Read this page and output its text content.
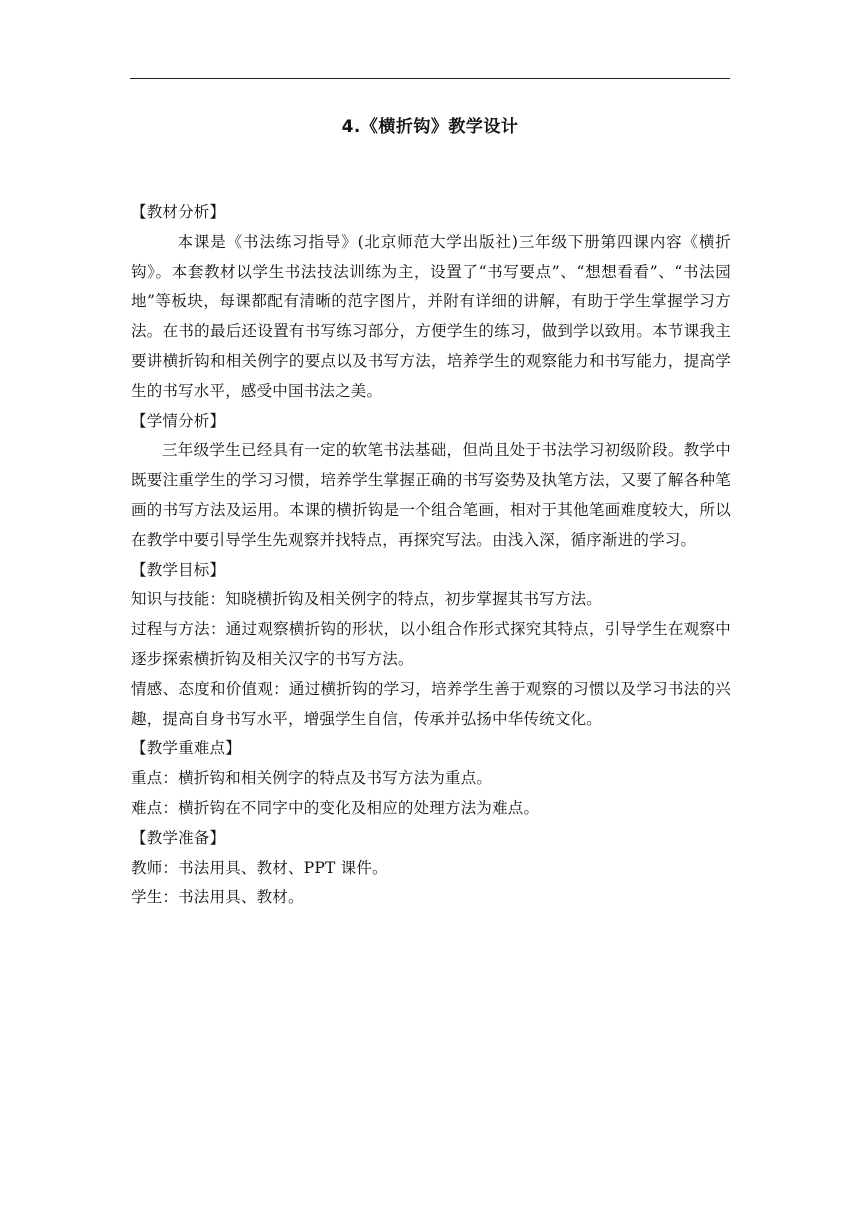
4.《横折钩》教学设计

【教材分析】

本课是《书法练习指导》(北京师范大学出版社)三年级下册第四课内容《横折钩》。本套教材以学生书法技法训练为主，设置了“书写要点”、“想想看看”、“书法园地”等板块，每课都配有清晰的范字图片，并附有详细的讲解，有助于学生掌握学习方法。在书的最后还设置有书写练习部分，方便学生的练习，做到学以致用。本节课我主要讲横折钩和相关例字的要点以及书写方法，培养学生的观察能力和书写能力，提高学生的书写水平，感受中国书法之美。

【学情分析】

三年级学生已经具有一定的软笔书法基础，但尚且处于书法学习初级阶段。教学中既要注重学生的学习习惯，培养学生掌握正确的书写姿势及执笔方法，又要了解各种笔画的书写方法及运用。本课的横折钩是一个组合笔画，相对于其他笔画难度较大，所以在教学中要引导学生先观察并找特点，再探究写法。由浅入深，循序渐进的学习。

【教学目标】

知识与技能：知晓横折钩及相关例字的特点，初步掌握其书写方法。

过程与方法：通过观察横折钩的形状，以小组合作形式探究其特点，引导学生在观察中逐步探索横折钩及相关汉字的书写方法。

情感、态度和价值观：通过横折钩的学习，培养学生善于观察的习惯以及学习书法的兴趣，提高自身书写水平，增强学生自信，传承并弘扬中华传统文化。

【教学重难点】

重点：横折钩和相关例字的特点及书写方法为重点。

难点：横折钩在不同字中的变化及相应的处理方法为难点。

【教学准备】

教师：书法用具、教材、PPT 课件。

学生：书法用具、教材。
